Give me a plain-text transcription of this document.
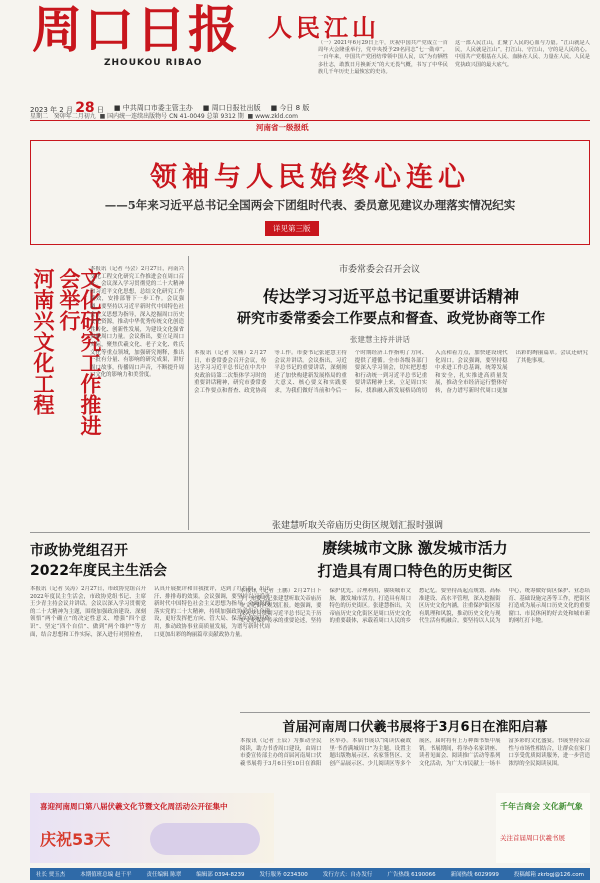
周口日报
ZHOUKOU RIBAO
人民江山
（一）2021年6月29日上午，庆祝中国共产党成立一百周年大会隆重举行，党中央授予29名同志“七一勋章”。一百年来，中国共产党团结带领中国人民，以“为有牺牲多壮志，敢教日月换新天”的大无畏气概，书写了中华民族几千年历史上最恢宏的史诗。
这一部人民江山，汇聚了人民的心血与力量。“江山就是人民，人民就是江山”，打江山、守江山，守的是人民的心。中国共产党根基在人民、血脉在人民、力量在人民。人民是党执政兴国的最大底气。
2023 年 2 月 28 日 ■ 中共周口市委主管主办 ■ 周口日报社出版 ■ 今日 8 版
星期二 癸卯年二月初九  ■ 国内统一连续出版物号 CN 41-0049 总第 9312 期  ■ www.zkld.com
河南省一级报纸
领袖与人民始终心连心
——5年来习近平总书记全国两会下团组时代表、委员意见建议办理落实情况纪实
详见第三版
河南兴文化工程	文化研究工作推进会举行	本报讯（记者 马会）2月27日，河南兴文化工程文化研究工作推进会在周口召开。会议深入学习贯彻党的二十大精神和习近平文化思想，总结文化研究工作成效，安排部署下一步工作。会议强调，要坚持以习近平新时代中国特色社会主义思想为指导，深入挖掘周口历史文化资源，推动中华优秀传统文化创造性转化、创新性发展，为建设文化强省贡献周口力量。会议指出，要立足周口实际，聚焦伏羲文化、老子文化、姓氏文化等重点领域，加强研究阐释，推出一批有分量、有影响的研究成果，讲好周口故事，传播周口声音，不断提升周口文化的影响力和美誉度。
市委常委会召开会议
传达学习习近平总书记重要讲话精神
研究市委常委会工作要点和督查、政党协商等工作
张建慧主持并讲话
本报讯（记者 吴楠）2月27日，市委常委会召开会议，传达学习习近平总书记在中共中央政治局第二次集体学习时的重要讲话精神，研究市委常委会工作要点和督查、政党协商等工作。市委书记张建慧主持会议并讲话。会议指出，习近平总书记的重要讲话，深刻阐述了加快构建新发展格局的重大意义、核心要义和实践要求，为我们做好当前和今后一个时期经济工作指明了方向、提供了遵循。全市各级各部门要深入学习领会，切实把思想和行动统一到习近平总书记重要讲话精神上来，立足周口实际，找准融入新发展格局的切入点和着力点，加快建设现代化周口。会议强调，要坚持稳中求进工作总基调，统筹发展和安全，扎实推进高质量发展，推动全市经济运行整体好转，奋力谱写新时代周口更加出彩的绚丽篇章。会议还研究了其他事项。
市政协党组召开
2022年度民主生活会
本报讯（记者 吴涛）2月27日，市政协党组召开2022年度民主生活会，市政协党组书记、主席王少青主持会议并讲话。会议以深入学习贯彻党的二十大精神为主题，围绕加强政治建设、深刻领悟“两个确立”的决定性意义、增强“四个意识”、坚定“四个自信”、做到“两个维护”等方面，结合思想和工作实际，深入进行对照检查，认真开展批评和自我批评，达到了红红脸、出出汗、排排毒的效果。会议强调，要坚持以习近平新时代中国特色社会主义思想为指导，全面贯彻落实党的二十大精神，持续加强政协党组自身建设，更好发挥把方向、管大局、保落实的领导作用，推动政协事业高质量发展，为谱写新时代周口更加出彩的绚丽篇章贡献政协力量。
张建慧听取关帝庙历史街区规划汇报时强调
赓续城市文脉 激发城市活力
打造具有周口特色的历史街区
本报讯（记者 王鹏）2月27日下午，市委书记张建慧听取关帝庙历史文化街区规划汇报。她强调，要深入学习贯彻习近平总书记关于历史文化保护传承的重要论述，坚持保护优先、合理利用，赓续城市文脉，激发城市活力，打造具有周口特色的历史街区。张建慧指出，关帝庙历史文化街区是周口历史文化的重要载体，承载着周口人民的乡愁记忆。要坚持高起点规划、高标准建设、高水平管理，深入挖掘街区历史文化内涵，注重保护街区原有肌理和风貌，推动历史文化与现代生活有机融合。要坚持以人民为中心，统筹做好街区保护、业态培育、基础设施完善等工作，把街区打造成为展示周口历史文化的重要窗口、市民休闲的好去处和城市新的网红打卡地。
首届河南周口伏羲书展将于3月6日在淮阳启幕
本报讯（记者 王辰）为推动全民阅读，助力书香周口建设，由周口市委宣传部主办的首届河南周口伏羲书展将于3月6日至10日在淮阳区举办。本届书展以“阅读伏羲故里·书香满城周口”为主题，设置主题出版物展示区、名家签售区、文创产品展示区、少儿阅读区等多个展区，届时将有上万种图书集中展销。书展期间，将举办名家讲座、读者见面会、阅读推广活动等系列文化活动，为广大市民献上一场丰富多彩的文化盛宴。书展坚持公益性与市场性相结合，让群众在家门口享受优质阅读服务，进一步营造浓厚的全民阅读氛围。
喜迎河南周口第八届伏羲文化节暨文化周活动公开征集中
庆祝53天
千年古商会 文化新气象
关注首届周口伏羲书展
社长 贾玉杰	本期值班总编 赵干平	责任编辑 陈翠	编辑部 0394-8239	发行服务 0234300	发行方式：自办发行	广告热线 6190066	新闻热线 6029999	投稿邮箱 zkrbgj@126.com
